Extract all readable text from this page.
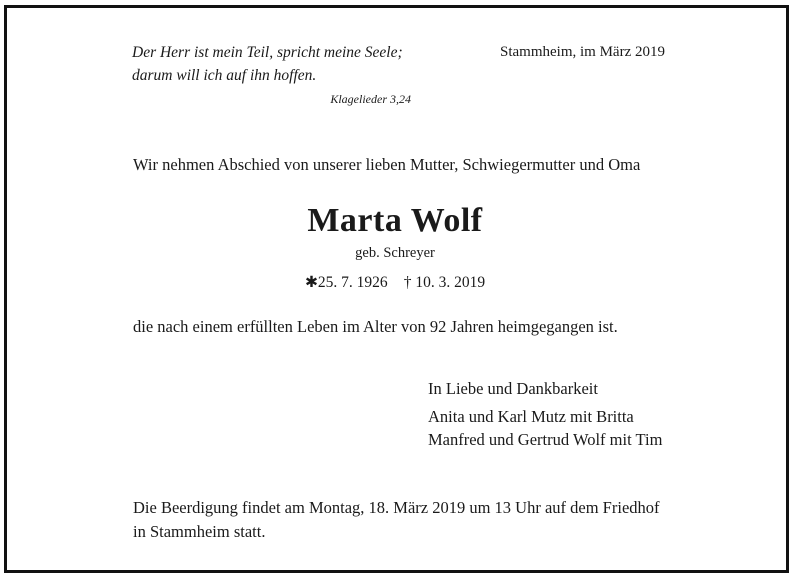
Der Herr ist mein Teil, spricht meine Seele;
darum will ich auf ihn hoffen.
Klagelieder 3,24
Stammheim, im März 2019
Wir nehmen Abschied von unserer lieben Mutter, Schwiegermutter und Oma
Marta Wolf
geb. Schreyer
✱25. 7. 1926 † 10. 3. 2019
die nach einem erfüllten Leben im Alter von 92 Jahren heimgegangen ist.
In Liebe und Dankbarkeit
Anita und Karl Mutz mit Britta
Manfred und Gertrud Wolf mit Tim
Die Beerdigung findet am Montag, 18. März 2019 um 13 Uhr auf dem Friedhof
in Stammheim statt.
